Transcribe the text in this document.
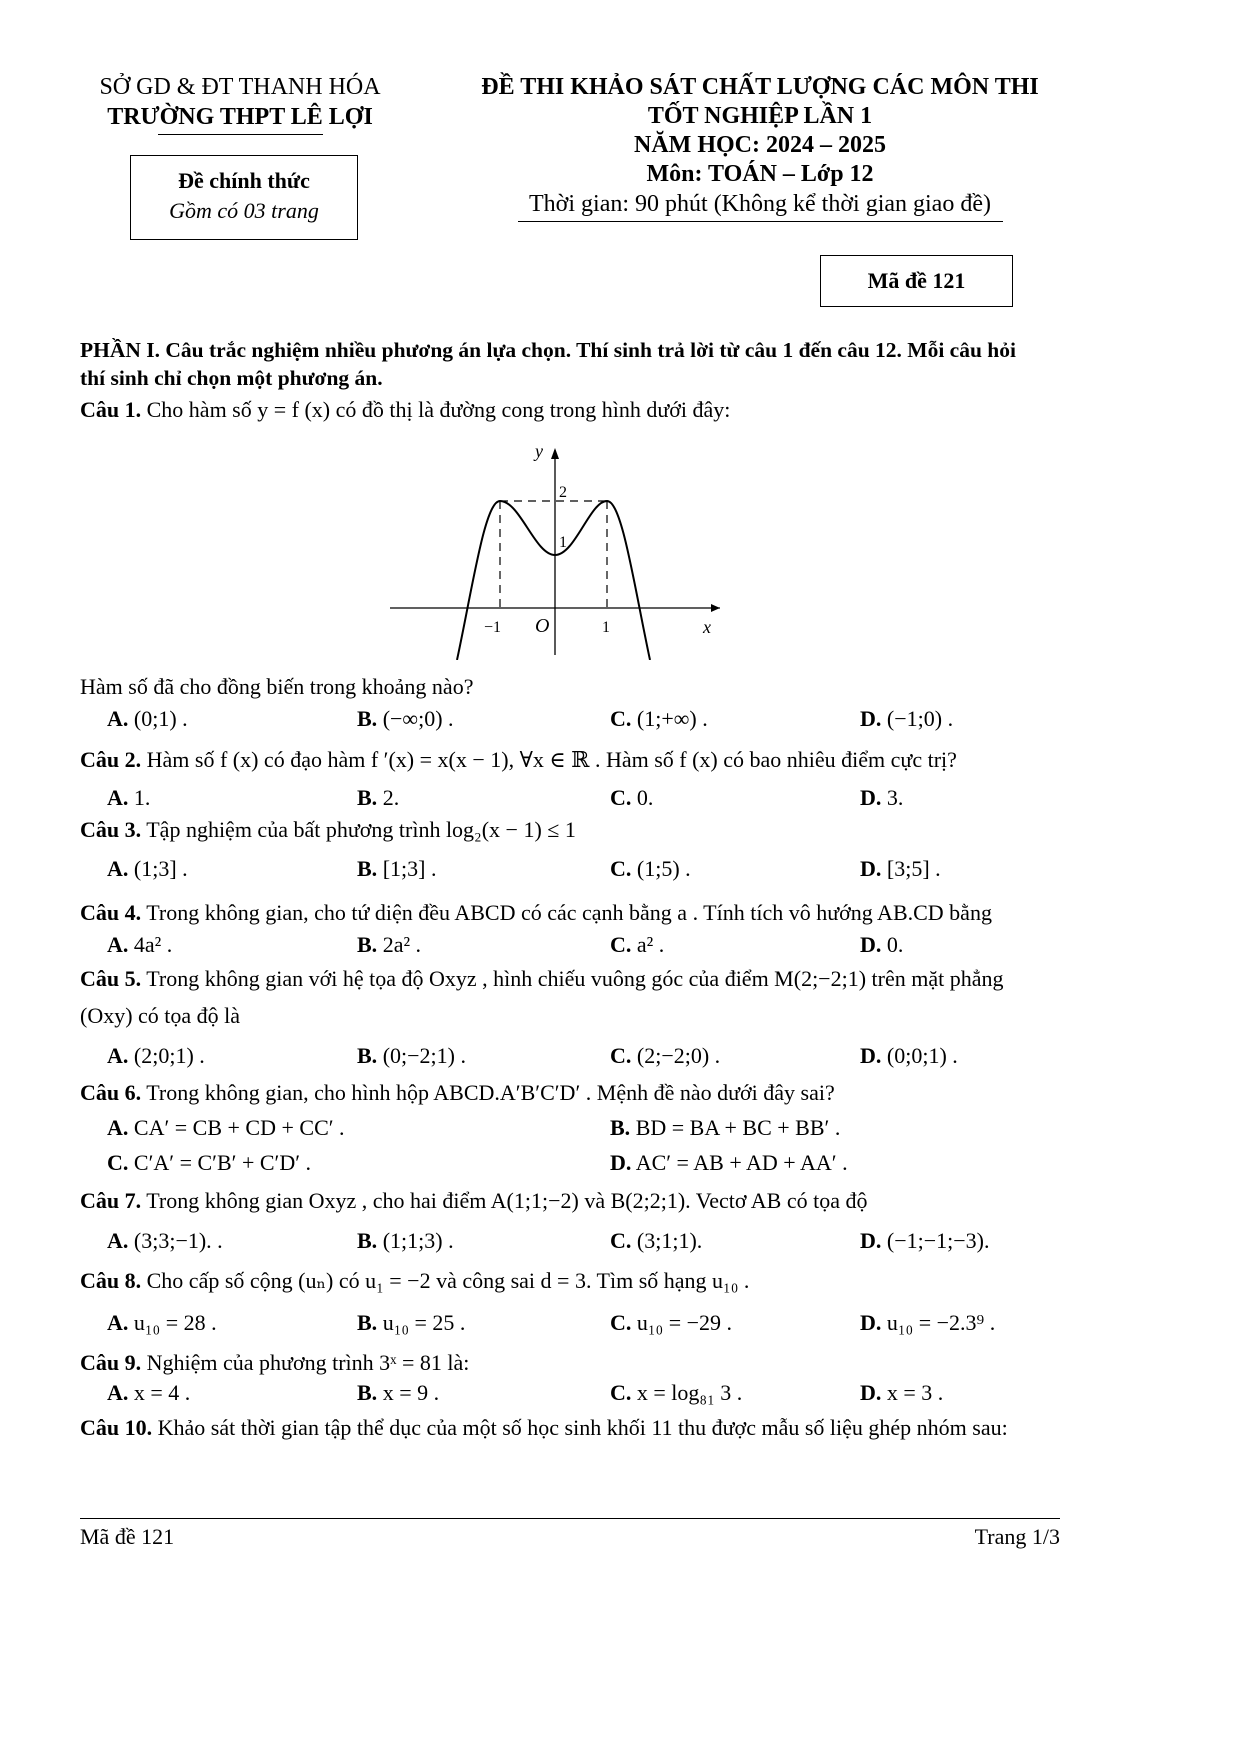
SỞ GD & ĐT THANH HÓA
TRƯỜNG THPT LÊ LỢI
Đề chính thức
Gồm có 03 trang
ĐỀ THI KHẢO SÁT CHẤT LƯỢNG CÁC MÔN THI
TỐT NGHIỆP LẦN 1
NĂM HỌC: 2024 – 2025
Môn: TOÁN – Lớp 12
Thời gian: 90 phút (Không kể thời gian giao đề)
Mã đề 121
PHẦN I. Câu trắc nghiệm nhiều phương án lựa chọn. Thí sinh trả lời từ câu 1 đến câu 12. Mỗi câu hỏi
thí sinh chỉ chọn một phương án.
Câu 1. Cho hàm số y = f (x) có đồ thị là đường cong trong hình dưới đây:
y
x
O
2
1
−1	1
Hàm số đã cho đồng biến trong khoảng nào?
A. (0;1) .	B. (−∞;0) .	C. (1;+∞) .	D. (−1;0) .
Câu 2. Hàm số f (x) có đạo hàm f ′(x) = x(x − 1), ∀x ∈ ℝ . Hàm số f (x) có bao nhiêu điểm cực trị?
A. 1.	B. 2.	C. 0.	D. 3.
Câu 3. Tập nghiệm của bất phương trình log₂(x − 1) ≤ 1
A. (1;3] .	B. [1;3] .	C. (1;5) .	D. [3;5] .
Câu 4. Trong không gian, cho tứ diện đều ABCD có các cạnh bằng a . Tính tích vô hướng AB.CD bằng
A. 4a² .	B. 2a² .	C. a² .	D. 0.
Câu 5. Trong không gian với hệ tọa độ Oxyz , hình chiếu vuông góc của điểm M(2;−2;1) trên mặt phẳng
(Oxy) có tọa độ là
A. (2;0;1) .	B. (0;−2;1) .	C. (2;−2;0) .	D. (0;0;1) .
Câu 6. Trong không gian, cho hình hộp ABCD.A′B′C′D′ . Mệnh đề nào dưới đây sai?
A. CA′ = CB + CD + CC′ .	B. BD = BA + BC + BB′ .
C. C′A′ = C′B′ + C′D′ .	D. AC′ = AB + AD + AA′ .
Câu 7. Trong không gian Oxyz , cho hai điểm A(1;1;−2) và B(2;2;1). Vectơ AB có tọa độ
A. (3;3;−1). .	B. (1;1;3) .	C. (3;1;1).	D. (−1;−1;−3).
Câu 8. Cho cấp số cộng (uₙ) có u₁ = −2 và công sai d = 3. Tìm số hạng u₁₀ .
A. u₁₀ = 28 .	B. u₁₀ = 25 .	C. u₁₀ = −29 .	D. u₁₀ = −2.3⁹ .
Câu 9. Nghiệm của phương trình 3ˣ = 81 là:
A. x = 4 .	B. x = 9 .	C. x = log₈₁ 3 .	D. x = 3 .
Câu 10. Khảo sát thời gian tập thể dục của một số học sinh khối 11 thu được mẫu số liệu ghép nhóm sau:
Mã đề 121	Trang 1/3
